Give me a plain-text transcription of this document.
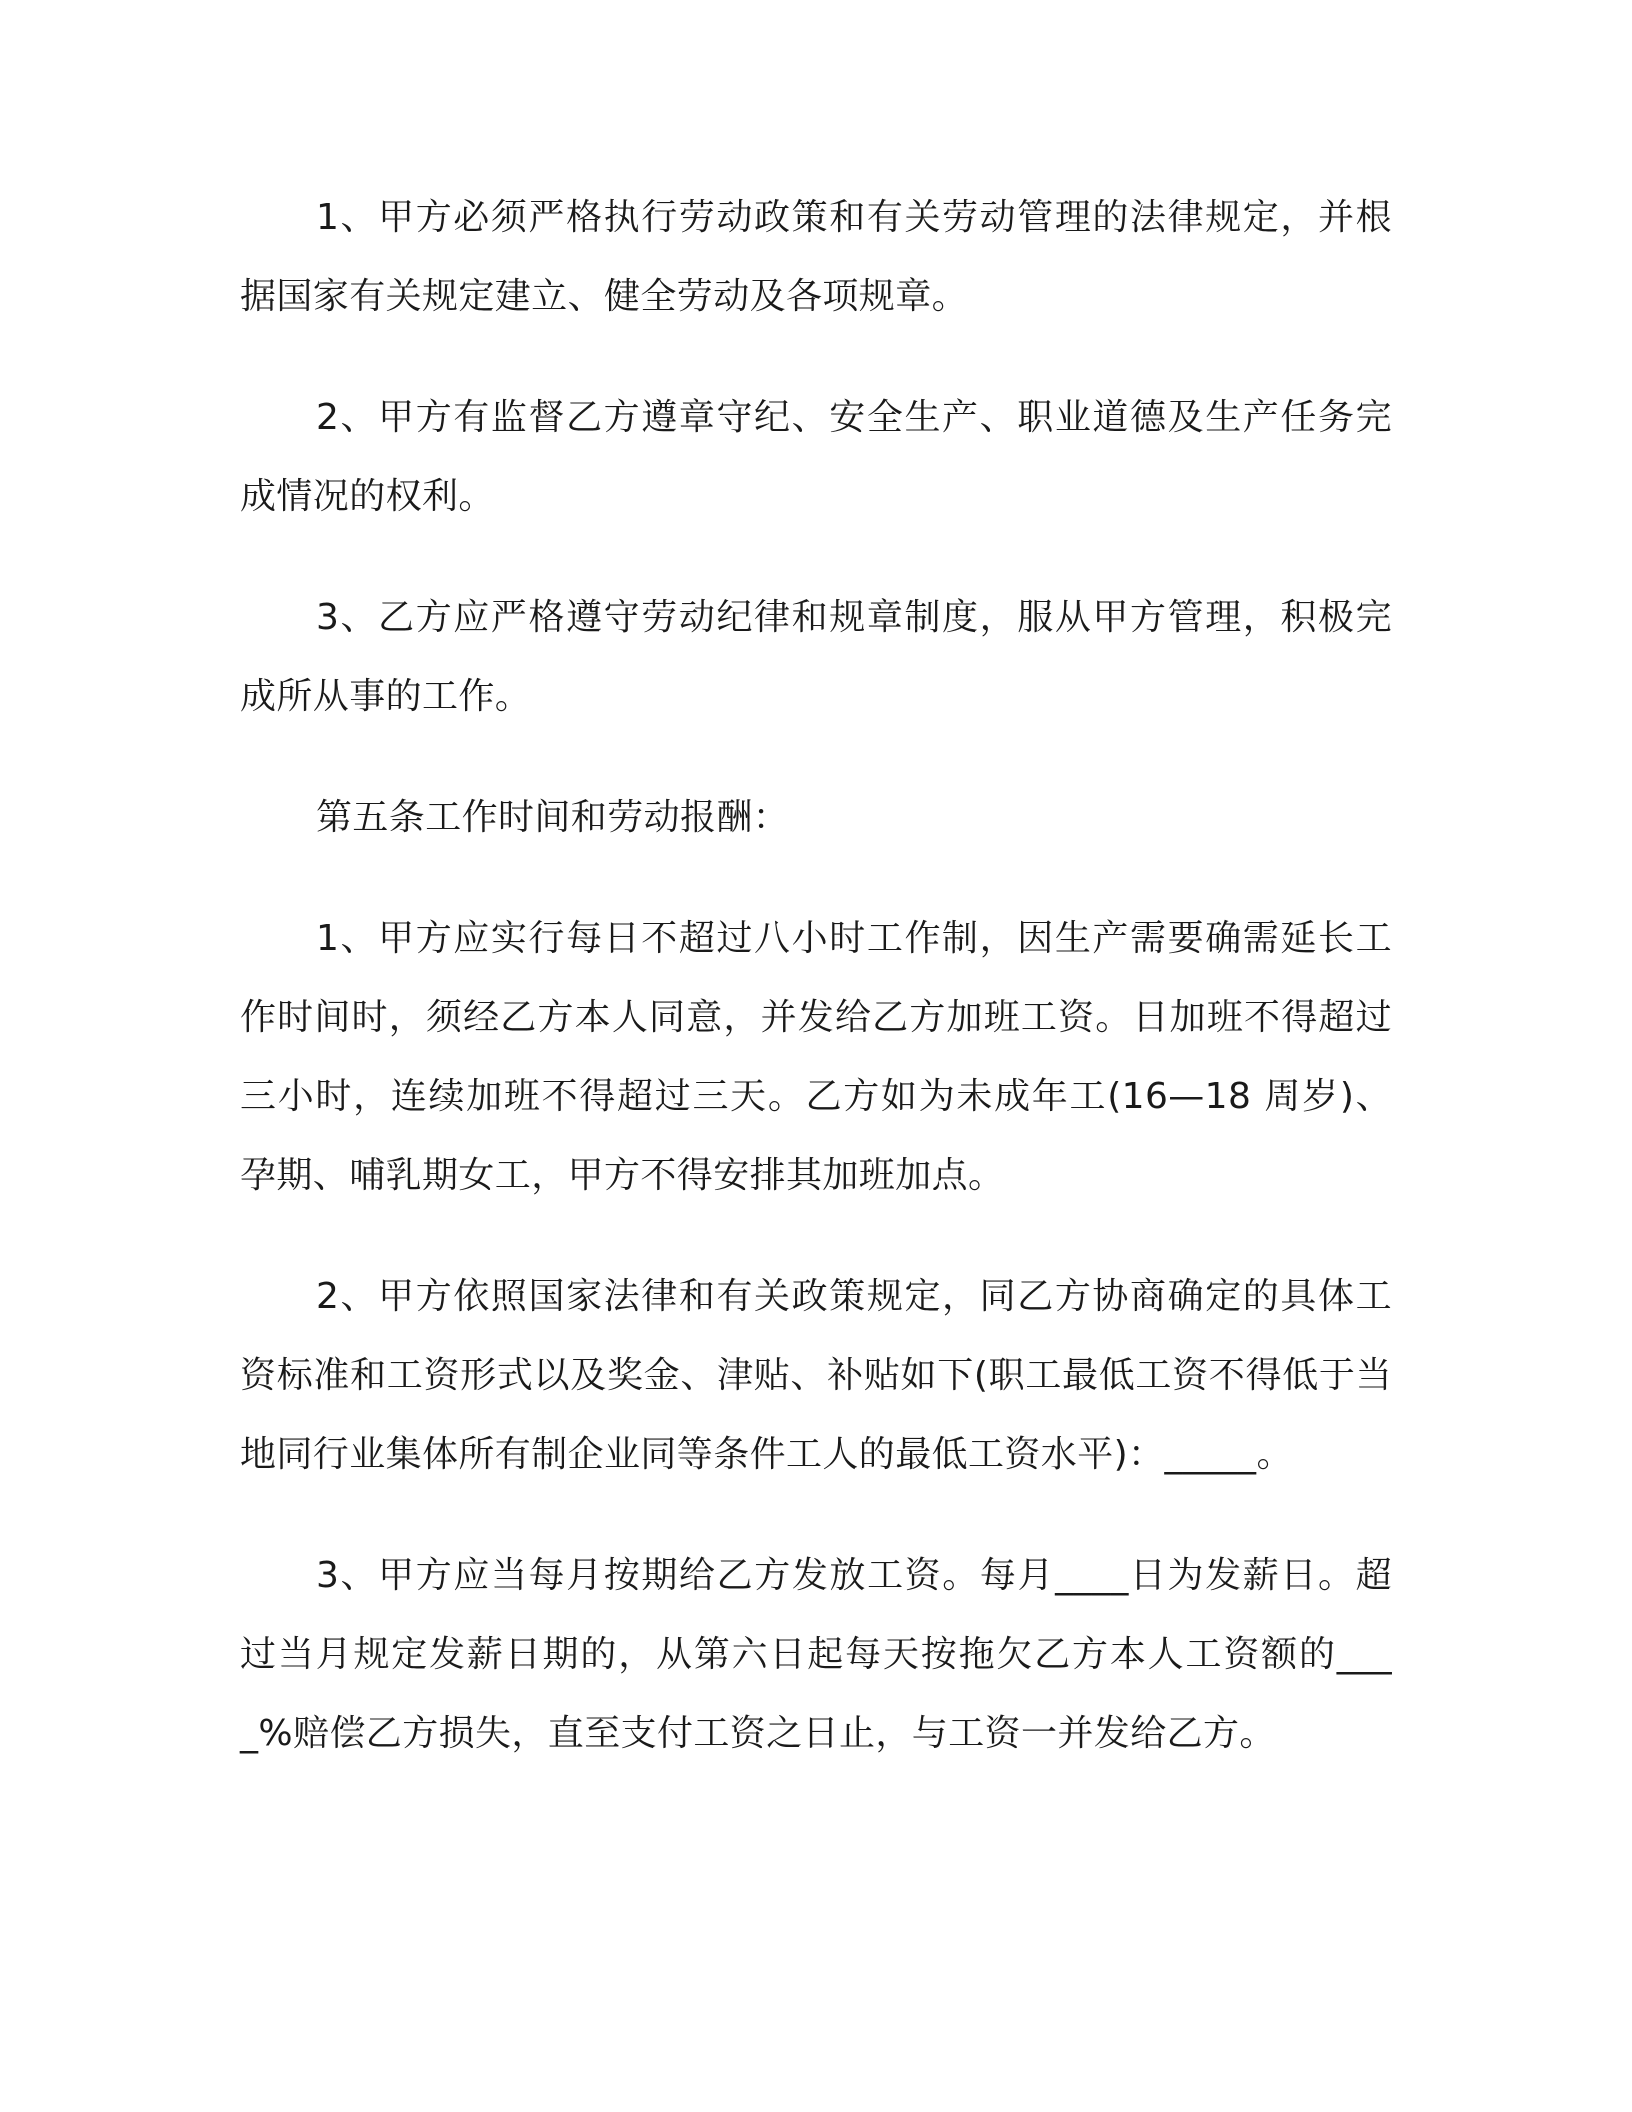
1、甲方必须严格执行劳动政策和有关劳动管理的法律规定，并根据国家有关规定建立、健全劳动及各项规章。

2、甲方有监督乙方遵章守纪、安全生产、职业道德及生产任务完成情况的权利。

3、乙方应严格遵守劳动纪律和规章制度，服从甲方管理，积极完成所从事的工作。

第五条工作时间和劳动报酬：

1、甲方应实行每日不超过八小时工作制，因生产需要确需延长工作时间时，须经乙方本人同意，并发给乙方加班工资。日加班不得超过三小时，连续加班不得超过三天。乙方如为未成年工(16—18 周岁)、孕期、哺乳期女工，甲方不得安排其加班加点。

2、甲方依照国家法律和有关政策规定，同乙方协商确定的具体工资标准和工资形式以及奖金、津贴、补贴如下(职工最低工资不得低于当地同行业集体所有制企业同等条件工人的最低工资水平)：_____。

3、甲方应当每月按期给乙方发放工资。每月____日为发薪日。超过当月规定发薪日期的，从第六日起每天按拖欠乙方本人工资额的____%赔偿乙方损失，直至支付工资之日止，与工资一并发给乙方。
